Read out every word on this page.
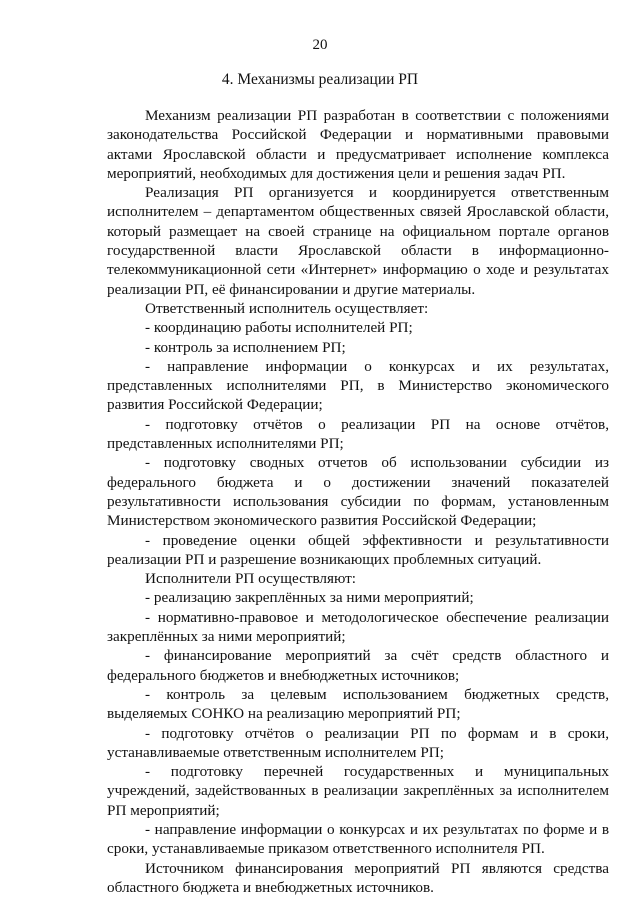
20
4. Механизмы реализации РП

Механизм реализации РП разработан в соответствии с положениями законодательства Российской Федерации и нормативными правовыми актами Ярославской области и предусматривает исполнение комплекса мероприятий, необходимых для достижения цели и решения задач РП.

Реализация РП организуется и координируется ответственным исполнителем – департаментом общественных связей Ярославской области, который размещает на своей странице на официальном портале органов государственной власти Ярославской области в информационно-телекоммуникационной сети «Интернет» информацию о ходе и результатах реализации РП, её финансировании и другие материалы.

Ответственный исполнитель осуществляет:

- координацию работы исполнителей РП;

- контроль за исполнением РП;

- направление информации о конкурсах и их результатах, представленных исполнителями РП, в Министерство экономического развития Российской Федерации;

- подготовку отчётов о реализации РП на основе отчётов, представленных исполнителями РП;

- подготовку сводных отчетов об использовании субсидии из федерального бюджета и о достижении значений показателей результативности использования субсидии по формам, установленным Министерством экономического развития Российской Федерации;

- проведение оценки общей эффективности и результативности реализации РП и разрешение возникающих проблемных ситуаций.

Исполнители РП осуществляют:

- реализацию закреплённых за ними мероприятий;

- нормативно-правовое и методологическое обеспечение реализации закреплённых за ними мероприятий;

- финансирование мероприятий за счёт средств областного и федерального бюджетов и внебюджетных источников;

- контроль за целевым использованием бюджетных средств, выделяемых СОНКО на реализацию мероприятий РП;

- подготовку отчётов о реализации РП по формам и в сроки, устанавливаемые ответственным исполнителем РП;

- подготовку перечней государственных и муниципальных учреждений, задействованных в реализации закреплённых за исполнителем РП мероприятий;

- направление информации о конкурсах и их результатах по форме и в сроки, устанавливаемые приказом ответственного исполнителя РП.

Источником финансирования мероприятий РП являются средства областного бюджета и внебюджетных источников.
